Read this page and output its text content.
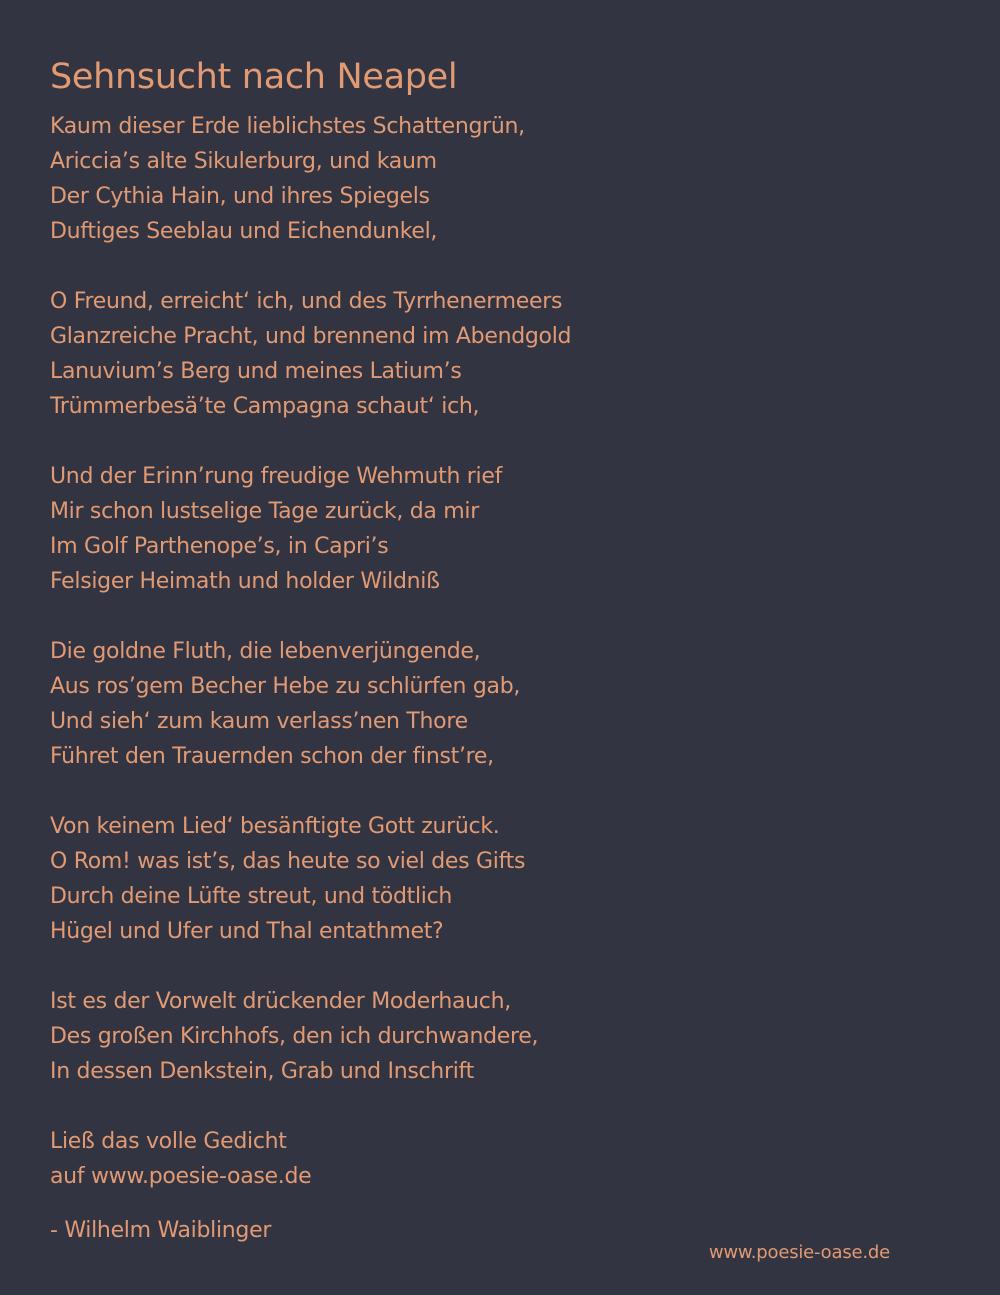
Sehnsucht nach Neapel
Kaum dieser Erde lieblichstes Schattengrün,
Ariccia’s alte Sikulerburg, und kaum
Der Cythia Hain, und ihres Spiegels
Duftiges Seeblau und Eichendunkel,
O Freund, erreicht‘ ich, und des Tyrrhenermeers
Glanzreiche Pracht, und brennend im Abendgold
Lanuvium’s Berg und meines Latium’s
Trümmerbesä’te Campagna schaut‘ ich,
Und der Erinn’rung freudige Wehmuth rief
Mir schon lustselige Tage zurück, da mir
Im Golf Parthenope’s, in Capri’s
Felsiger Heimath und holder Wildniß
Die goldne Fluth, die lebenverjüngende,
Aus ros’gem Becher Hebe zu schlürfen gab,
Und sieh‘ zum kaum verlass’nen Thore
Führet den Trauernden schon der finst’re,
Von keinem Lied‘ besänftigte Gott zurück.
O Rom! was ist’s, das heute so viel des Gifts
Durch deine Lüfte streut, und tödtlich
Hügel und Ufer und Thal entathmet?
Ist es der Vorwelt drückender Moderhauch,
Des großen Kirchhofs, den ich durchwandere,
In dessen Denkstein, Grab und Inschrift
Ließ das volle Gedicht
auf www.poesie-oase.de
- Wilhelm Waiblinger
www.poesie-oase.de
